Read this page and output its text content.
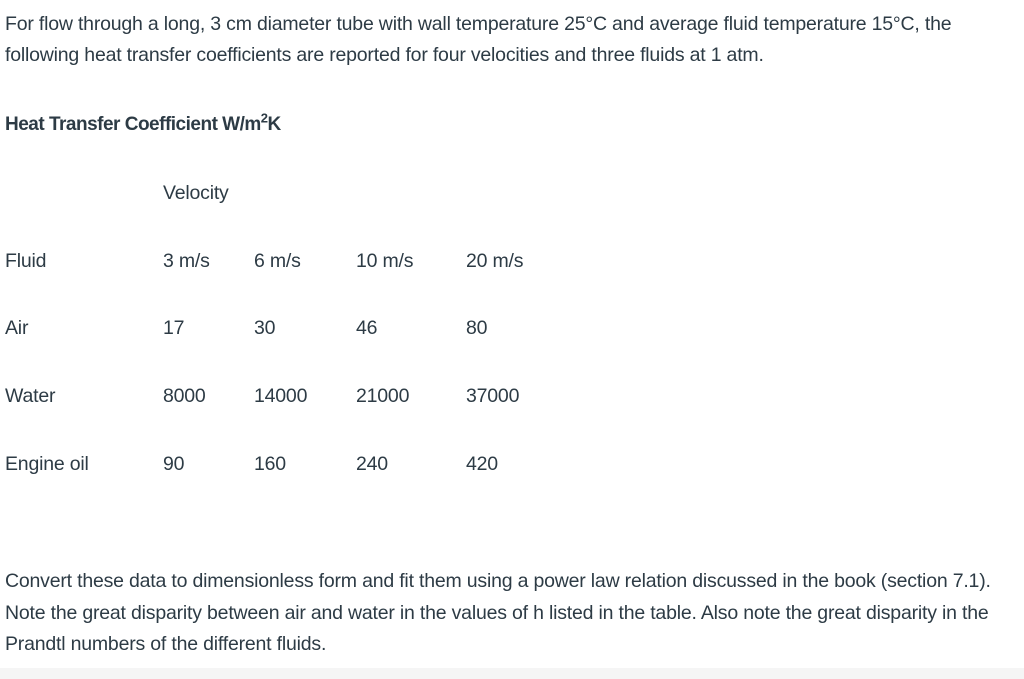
For flow through a long, 3 cm diameter tube with wall temperature 25°C and average fluid temperature 15°C, the following heat transfer coefficients are reported for four velocities and three fluids at 1 atm.

Heat Transfer Coefficient $W/m^2K$
Velocity
Fluid	3 m/s 6 m/s	10 m/s	20 m/s
Air	17	30	46	80
Water	8000 14000	21000	37000
Engine oil	90	160	240	420

Convert these data to dimensionless form and fit them using a power law relation discussed in the book (section 7.1). Note the great disparity between air and water in the values of h listed in the table. Also note the great disparity in the Prandtl numbers of the different fluids.
